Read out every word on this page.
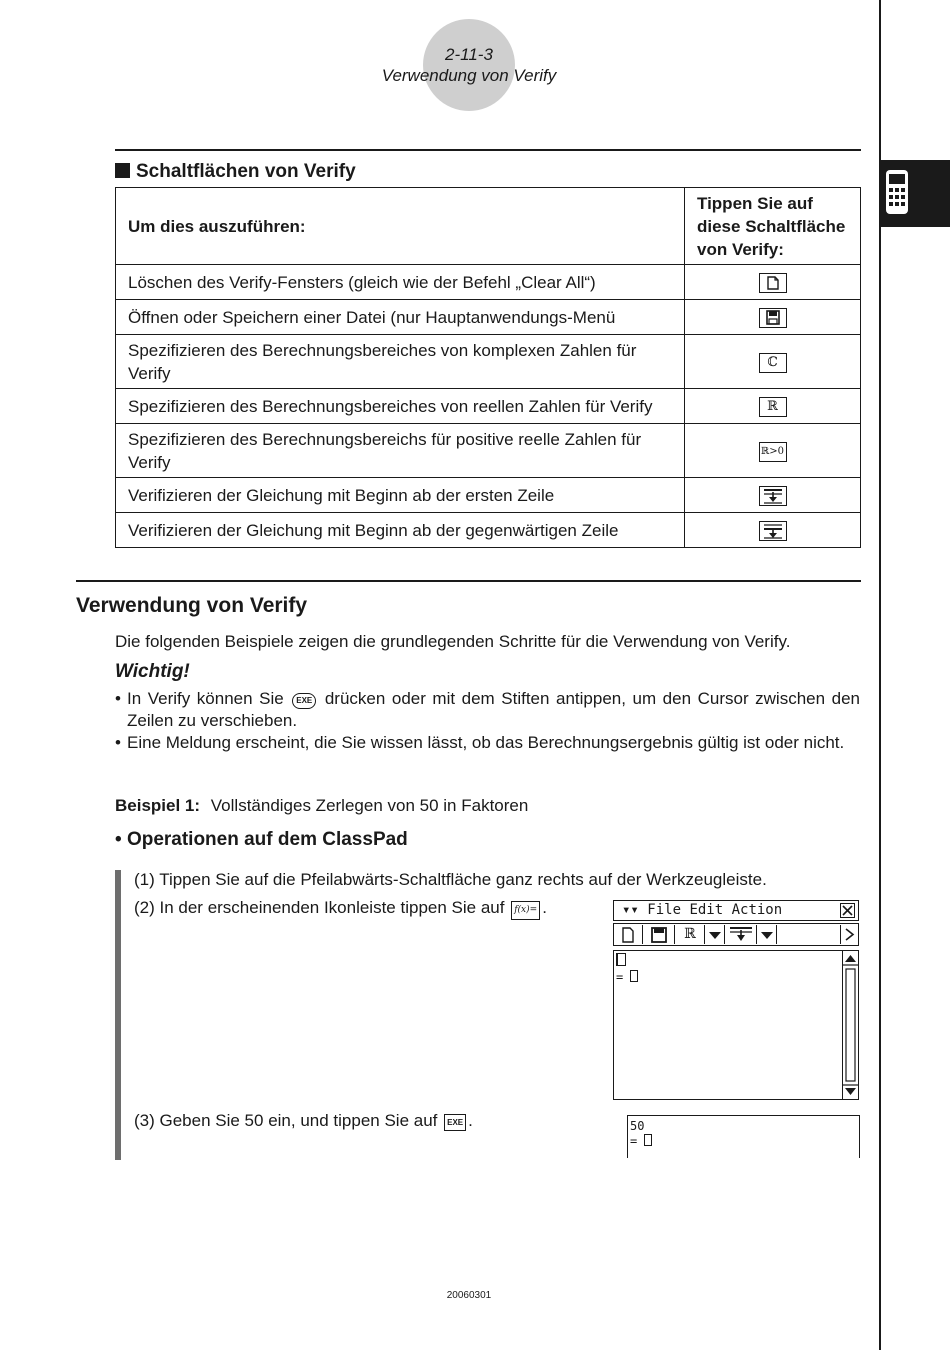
2-11-3
Verwendung von Verify
Schaltflächen von Verify
Um dies auszuführen:	Tippen Sie auf
diese Schaltfläche
von Verify:
Löschen des Verify-Fensters (gleich wie der Befehl „Clear All“)	

Öffnen oder Speichern einer Datei (nur Hauptanwendungs-Menü	

Spezifizieren des Berechnungsbereiches von komplexen Zahlen für Verify	ℂ
Spezifizieren des Berechnungsbereiches von reellen Zahlen für Verify	ℝ
Spezifizieren des Berechnungsbereichs für positive reelle Zahlen für Verify	ℝ>0
Verifizieren der Gleichung mit Beginn ab der ersten Zeile	

Verifizieren der Gleichung mit Beginn ab der gegenwärtigen Zeile	
Verwendung von Verify
Die folgenden Beispiele zeigen die grundlegenden Schritte für die Verwendung von Verify.
Wichtig!
• In Verify können Sie EXE drücken oder mit dem Stiften antippen, um den Cursor zwischen den Zeilen zu verschieben.
• Eine Meldung erscheint, die Sie wissen lässt, ob das Berechnungsergebnis gültig ist oder nicht.
Beispiel 1: Vollständiges Zerlegen von 50 in Faktoren
• Operationen auf dem ClassPad
(1) Tippen Sie auf die Pfeilabwärts-Schaltfläche ganz rechts auf der Werkzeugleiste.
(2) In der erscheinenden Ikonleiste tippen Sie auf f(x)= .
(3) Geben Sie 50 ein, und tippen Sie auf EXE .
▾▾ File Edit Action
ℝ
=
50
=
20060301
